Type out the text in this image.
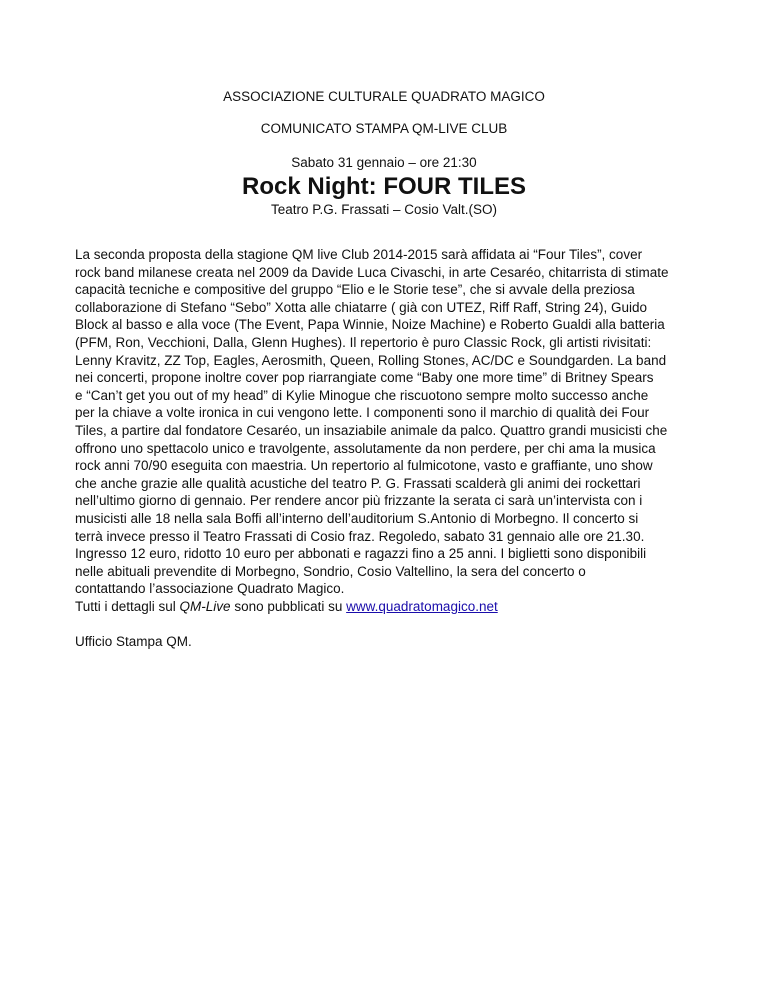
ASSOCIAZIONE CULTURALE QUADRATO MAGICO
COMUNICATO STAMPA QM-LIVE CLUB
Sabato 31 gennaio – ore 21:30
Rock Night: FOUR TILES
Teatro P.G. Frassati – Cosio Valt.(SO)
La seconda proposta della stagione QM live Club 2014-2015 sarà affidata ai “Four Tiles”, cover
rock band milanese creata nel 2009 da Davide Luca Civaschi, in arte Cesaréo, chitarrista di stimate
capacità tecniche e compositive del gruppo “Elio e le Storie tese”, che si avvale della preziosa
collaborazione di Stefano “Sebo” Xotta alle chiatarre ( già con UTEZ, Riff Raff, String 24), Guido
Block al basso e alla voce (The Event, Papa Winnie, Noize Machine) e Roberto Gualdi alla batteria
(PFM, Ron, Vecchioni, Dalla, Glenn Hughes). Il repertorio è puro Classic Rock, gli artisti rivisitati:
Lenny Kravitz, ZZ Top, Eagles, Aerosmith, Queen, Rolling Stones, AC/DC e Soundgarden. La band
nei concerti, propone inoltre cover pop riarrangiate come “Baby one more time” di Britney Spears
e “Can’t get you out of my head” di Kylie Minogue che riscuotono sempre molto successo anche
per la chiave a volte ironica in cui vengono lette. I componenti sono il marchio di qualità dei Four
Tiles, a partire dal fondatore Cesaréo, un insaziabile animale da palco. Quattro grandi musicisti che
offrono uno spettacolo unico e travolgente, assolutamente da non perdere, per chi ama la musica
rock anni 70/90 eseguita con maestria. Un repertorio al fulmicotone, vasto e graffiante, uno show
che anche grazie alle qualità acustiche del teatro P. G. Frassati scalderà gli animi dei rockettari
nell’ultimo giorno di gennaio. Per rendere ancor più frizzante la serata ci sarà un’intervista con i
musicisti alle 18 nella sala Boffi all’interno dell’auditorium S.Antonio di Morbegno. Il concerto si
terrà invece presso il Teatro Frassati di Cosio fraz. Regoledo, sabato 31 gennaio alle ore 21.30.
Ingresso 12 euro, ridotto 10 euro per abbonati e ragazzi fino a 25 anni. I biglietti sono disponibili
nelle abituali prevendite di Morbegno, Sondrio, Cosio Valtellino, la sera del concerto o
contattando l’associazione Quadrato Magico.
Tutti i dettagli sul QM-Live sono pubblicati su www.quadratomagico.net
Ufficio Stampa QM.
